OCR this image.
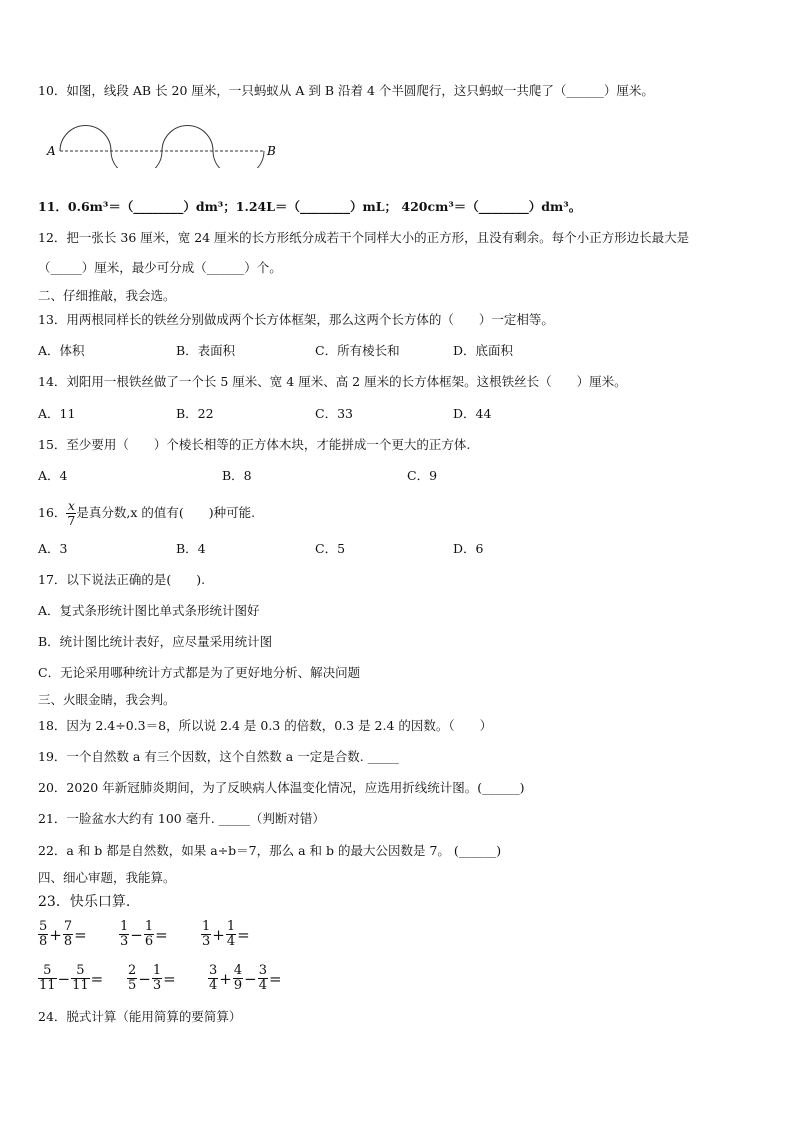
10．如图，线段 AB 长 20 厘米，一只蚂蚁从 A 到 B 沿着 4 个半圆爬行，这只蚂蚁一共爬了（______）厘米。
A	B
11．0.6m³＝（________）dm³；1.24L＝（________）mL； 420cm³＝（________）dm³。
12．把一张长 36 厘米，宽 24 厘米的长方形纸分成若干个同样大小的正方形，且没有剩余。每个小正方形边长最大是
（_____）厘米，最少可分成（______）个。
二、仔细推敲，我会选。
13．用两根同样长的铁丝分别做成两个长方体框架，那么这两个长方体的（　　）一定相等。
A．体积	B．表面积	C．所有棱长和	D．底面积
14．刘阳用一根铁丝做了一个长 5 厘米、宽 4 厘米、高 2 厘米的长方体框架。这根铁丝长（　　）厘米。
A．11	B．22	C．33	D．44
15．至少要用（　　）个棱长相等的正方体木块，才能拼成一个更大的正方体.
A．4	B．8	C．9
16． $\frac{x}{7}$ 是真分数,x 的值有(　　)种可能.
A．3	B．4	C．5	D．6
17．以下说法正确的是(　　).
A．复式条形统计图比单式条形统计图好
B．统计图比统计表好，应尽量采用统计图
C．无论采用哪种统计方式都是为了更好地分析、解决问题
三、火眼金睛，我会判。
18．因为 2.4÷0.3＝8，所以说 2.4 是 0.3 的倍数，0.3 是 2.4 的因数。（　　）
19．一个自然数 a 有三个因数，这个自然数 a 一定是合数. _____
20．2020 年新冠肺炎期间，为了反映病人体温变化情况，应选用折线统计图。(______)
21．一脸盆水大约有 100 毫升. _____（判断对错）
22．a 和 b 都是自然数，如果 a÷b＝7，那么 a 和 b 的最大公因数是 7。 (______)
四、细心审题，我能算。
23．快乐口算.
$\frac{5}{8} + \frac{7}{8} = \frac{1}{3} - \frac{1}{6}$ =	$\frac{1}{3} + \frac{1}{4}$ =
$\frac{5}{11} - \frac{5}{11} = \frac{2}{5} - \frac{1}{3} = \frac{3}{4} + \frac{4}{9} - \frac{3}{4}$ =
24．脱式计算（能用简算的要简算）
